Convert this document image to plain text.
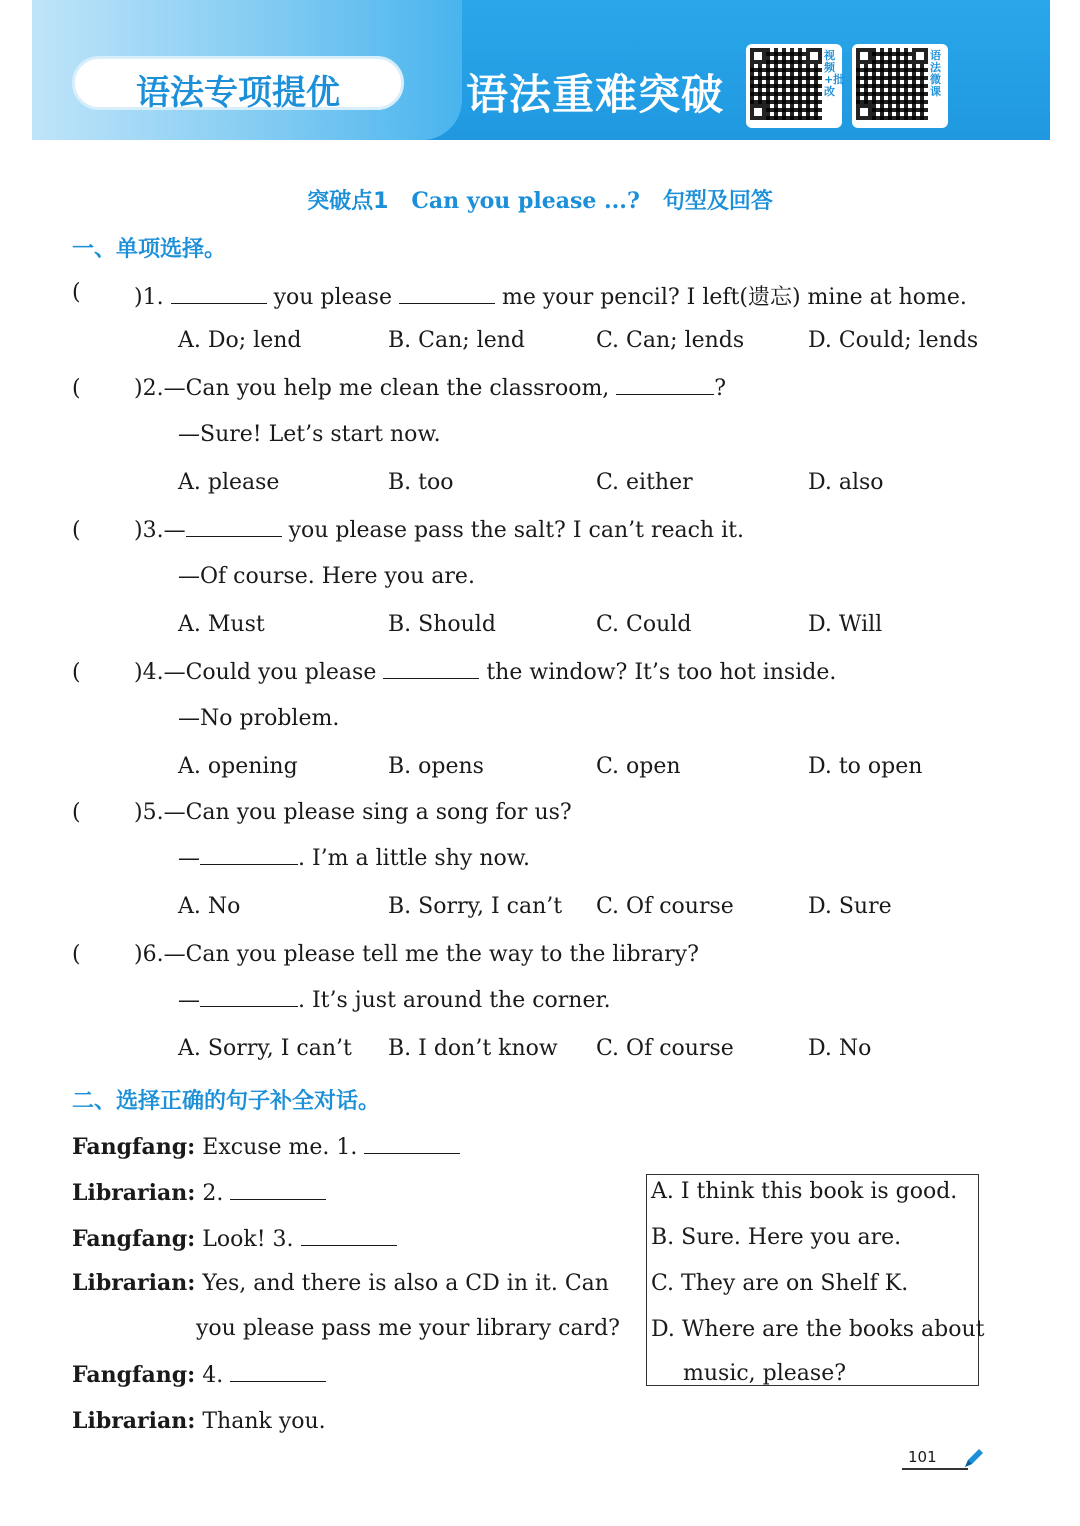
语法专项提优	语法重难突破
视频+批改
语法微课
突破点1 Can you please ...? 句型及回答
一、单项选择。
( )1.	you please	me your pencil? I left(遗忘) mine at home.
A. Do; lend	B. Can; lend	C. Can; lends	D. Could; lends
( )2.—Can you help me clean the classroom,	?
—Sure! Let’s start now.
A. please	B. too	C. either	D. also
( )3.—	you please pass the salt? I can’t reach it.
—Of course. Here you are.
A. Must	B. Should	C. Could	D. Will
( )4.—Could you please	the window? It’s too hot inside.
—No problem.
A. opening	B. opens	C. open	D. to open
( )5.—Can you please sing a song for us?
—	. I’m a little shy now.
A. No	B. Sorry, I can’t C. Of course	D. Sure
( )6.—Can you please tell me the way to the library?
—	. It’s just around the corner.
A. Sorry, I can’t B. I don’t know C. Of course	D. No
二、选择正确的句子补全对话。
Fangfang: Excuse me. 1.
Librarian: 2.
Fangfang: Look! 3.
Librarian: Yes, and there is also a CD in it. Can
you please pass me your library card?
Fangfang: 4.
Librarian: Thank you.
A. I think this book is good.
B. Sure. Here you are.
C. They are on Shelf K.
D. Where are the books about
music, please?
101
